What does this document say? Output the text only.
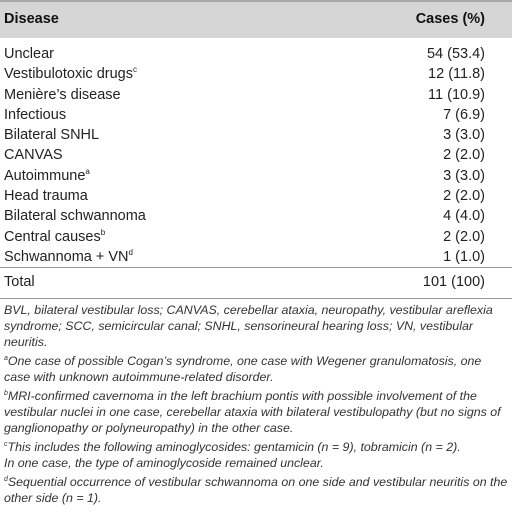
Disease	Cases (%)
Unclear	54 (53.4)
Vestibulotoxic drugs$^c$	12 (11.8)
Menière’s disease	11 (10.9)
Infectious	7 (6.9)
Bilateral SNHL	3 (3.0)
CANVAS	2 (2.0)
Autoimmune$^a$	3 (3.0)
Head trauma	2 (2.0)
Bilateral schwannoma	4 (4.0)
Central causes$^b$	2 (2.0)
Schwannoma + $VN^d$	1 (1.0)
Total	101 (100)

BVL, bilateral vestibular loss; CANVAS, cerebellar ataxia, neuropathy, vestibular areflexia syndrome; SCC, semicircular canal; SNHL, sensorineural hearing loss; VN, vestibular neuritis.

$^a$One case of possible Cogan’s syndrome, one case with Wegener granulomatosis, one case with unknown autoimmune-related disorder.

$^b$MRI-confirmed cavernoma in the left brachium pontis with possible involvement of the vestibular nuclei in one case, cerebellar ataxia with bilateral vestibulopathy (but no signs of ganglionopathy or polyneuropathy) in the other case.

$^c$This includes the following aminoglycosides: gentamicin (n = 9), tobramicin (n = 2).
In one case, the type of aminoglycoside remained unclear.

$^d$Sequential occurrence of vestibular schwannoma on one side and vestibular neuritis on the other side (n = 1).
